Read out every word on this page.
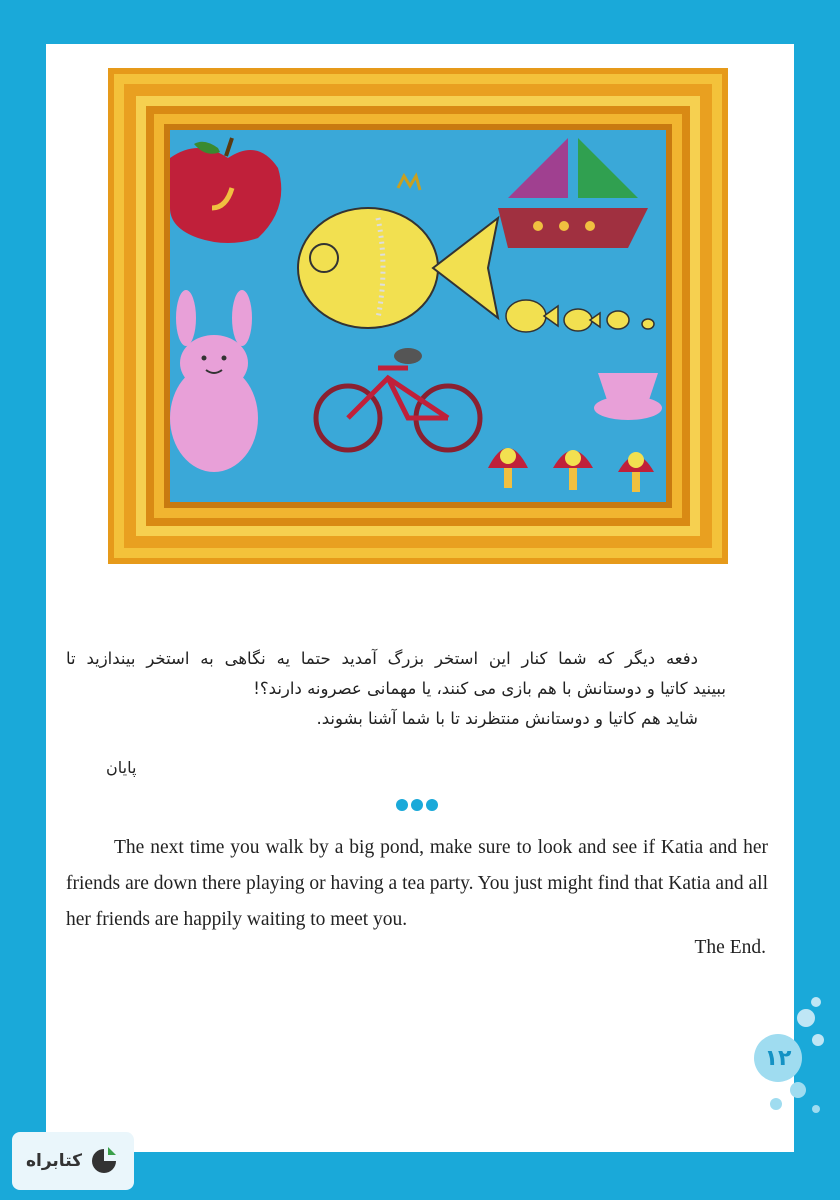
دفعه دیگر که شما کنار این استخر بزرگ آمدید حتما یه نگاهی به استخر بیندازید تا
ببینید کاتیا و دوستانش با هم بازی می کنند، یا مهمانی عصرونه دارند؟!
شاید هم کاتیا و دوستانش منتظرند تا با شما آشنا بشوند.
پایان
The next time you walk by a big pond, make sure to look and see if Katia and her friends are down there playing or having a tea party. You just might find that Katia and all her friends are happily waiting to meet you.
The End.
۱۲
کتابراه
